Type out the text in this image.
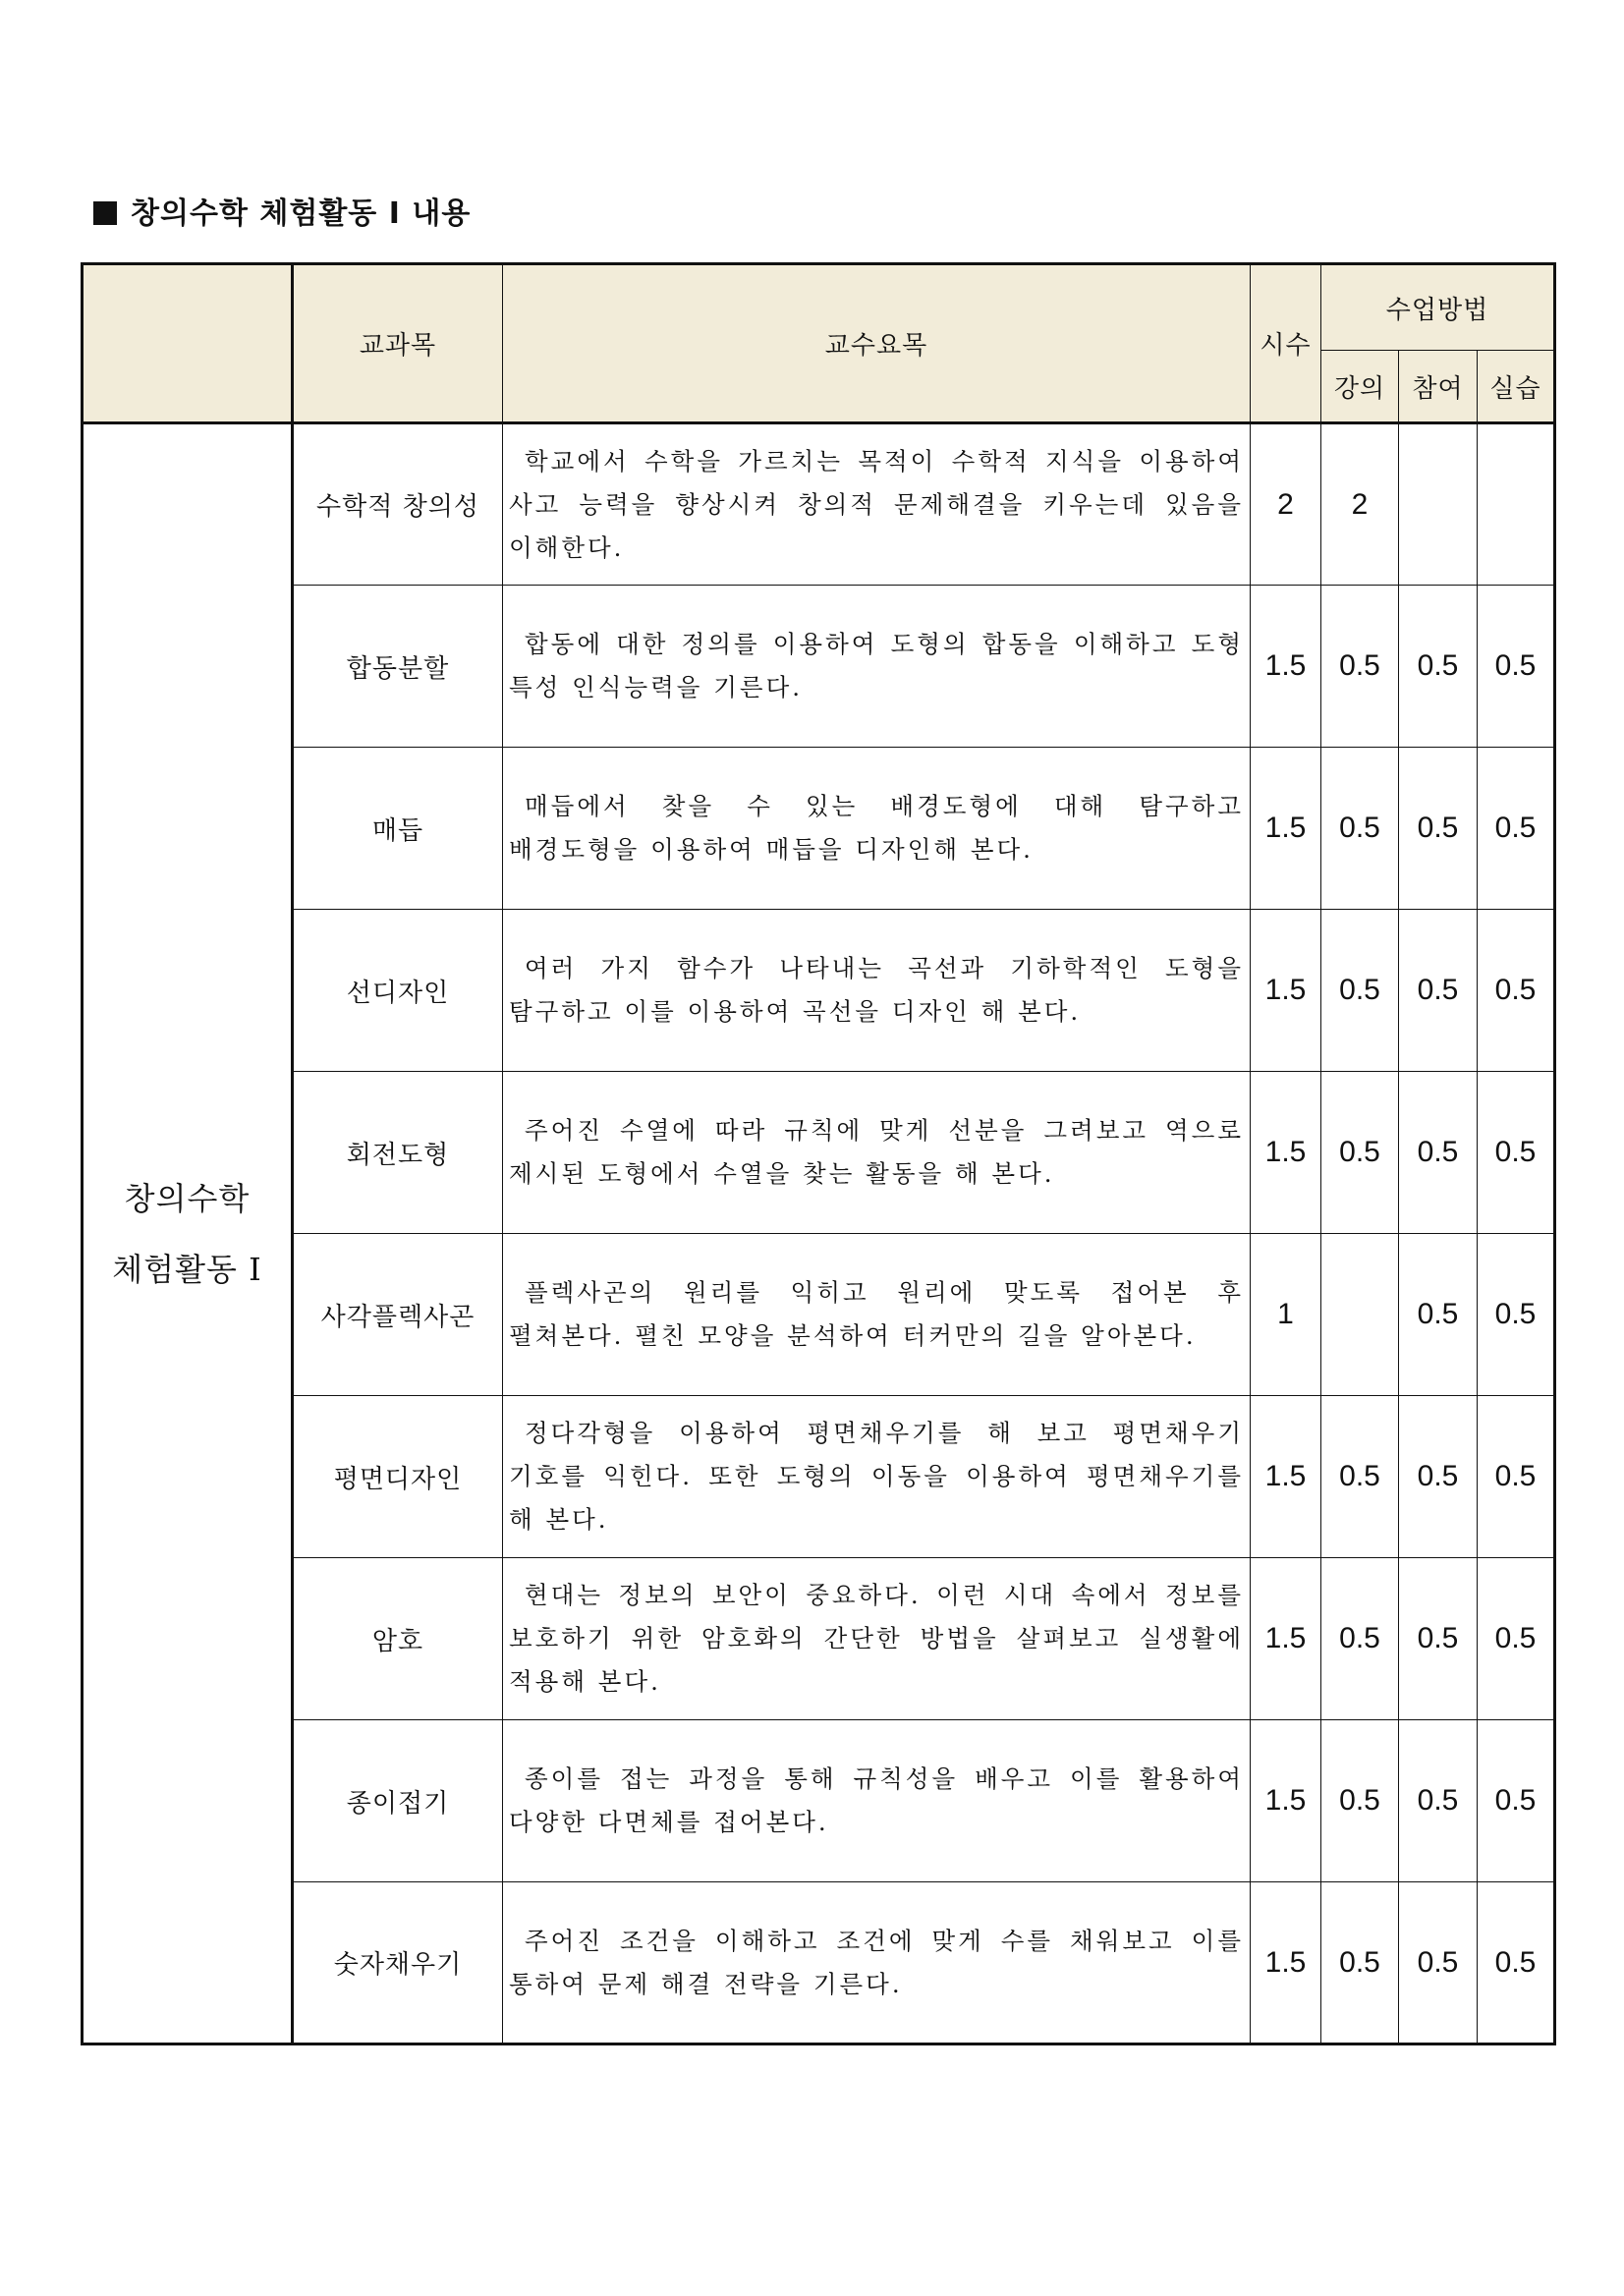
창의수학 체험활동 I 내용
	교과목	교수요목	시수	수업방법		
				강의	참여	실습

창의수학
체험활동 I	수학적 창의성	학교에서 수학을 가르치는 목적이 수학적 지식을 이용하여 사고 능력을 향상시켜 창의적 문제해결을 키우는데 있음을 이해한다.	2	2		
	합동분할	합동에 대한 정의를 이용하여 도형의 합동을 이해하고 도형 특성 인식능력을 기른다.	1.5	0.5	0.5	0.5
	매듭	매듭에서 찾을 수 있는 배경도형에 대해 탐구하고 배경도형을 이용하여 매듭을 디자인해 본다.	1.5	0.5	0.5	0.5
	선디자인	여러 가지 함수가 나타내는 곡선과 기하학적인 도형을 탐구하고 이를 이용하여 곡선을 디자인 해 본다.	1.5	0.5	0.5	0.5
	회전도형	주어진 수열에 따라 규칙에 맞게 선분을 그려보고 역으로 제시된 도형에서 수열을 찾는 활동을 해 본다.	1.5	0.5	0.5	0.5
	사각플렉사곤	플렉사곤의 원리를 익히고 원리에 맞도록 접어본 후 펼쳐본다. 펼친 모양을 분석하여 터커만의 길을 알아본다.	1		0.5	0.5
	평면디자인	정다각형을 이용하여 평면채우기를 해 보고 평면채우기 기호를 익힌다. 또한 도형의 이동을 이용하여 평면채우기를 해 본다.	1.5	0.5	0.5	0.5
	암호	현대는 정보의 보안이 중요하다. 이런 시대 속에서 정보를 보호하기 위한 암호화의 간단한 방법을 살펴보고 실생활에 적용해 본다.	1.5	0.5	0.5	0.5
	종이접기	종이를 접는 과정을 통해 규칙성을 배우고 이를 활용하여 다양한 다면체를 접어본다.	1.5	0.5	0.5	0.5
	숫자채우기	주어진 조건을 이해하고 조건에 맞게 수를 채워보고 이를 통하여 문제 해결 전략을 기른다.	1.5	0.5	0.5	0.5
